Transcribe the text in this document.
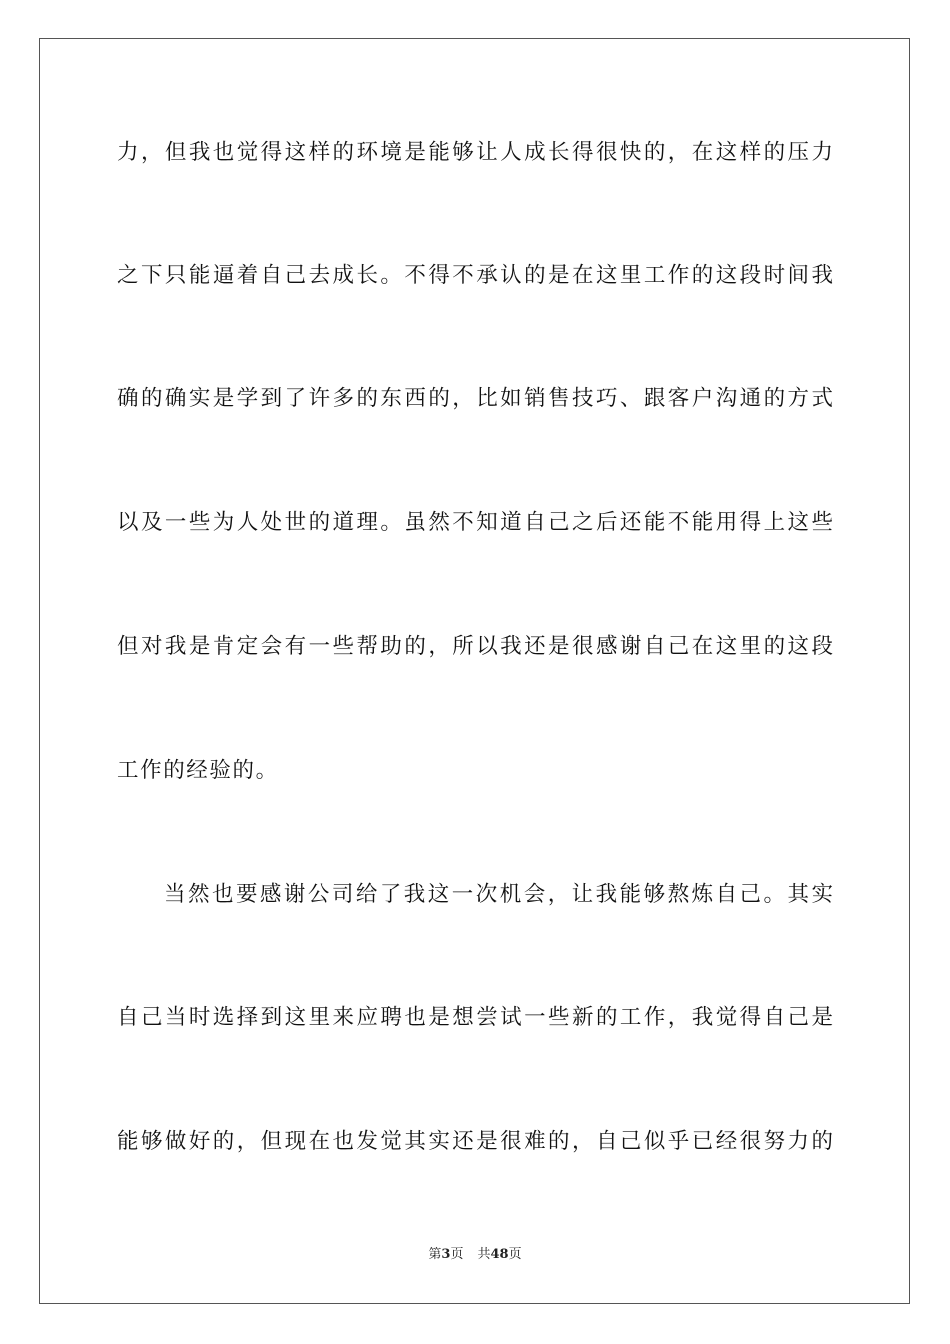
力，但我也觉得这样的环境是能够让人成长得很快的，在这样的压力
之下只能逼着自己去成长。不得不承认的是在这里工作的这段时间我
确的确实是学到了许多的东西的，比如销售技巧、跟客户沟通的方式
以及一些为人处世的道理。虽然不知道自己之后还能不能用得上这些
但对我是肯定会有一些帮助的，所以我还是很感谢自己在这里的这段
工作的经验的。
当然也要感谢公司给了我这一次机会，让我能够熬炼自己。其实
自己当时选择到这里来应聘也是想尝试一些新的工作，我觉得自己是
能够做好的，但现在也发觉其实还是很难的，自己似乎已经很努力的
第3页 共48页
